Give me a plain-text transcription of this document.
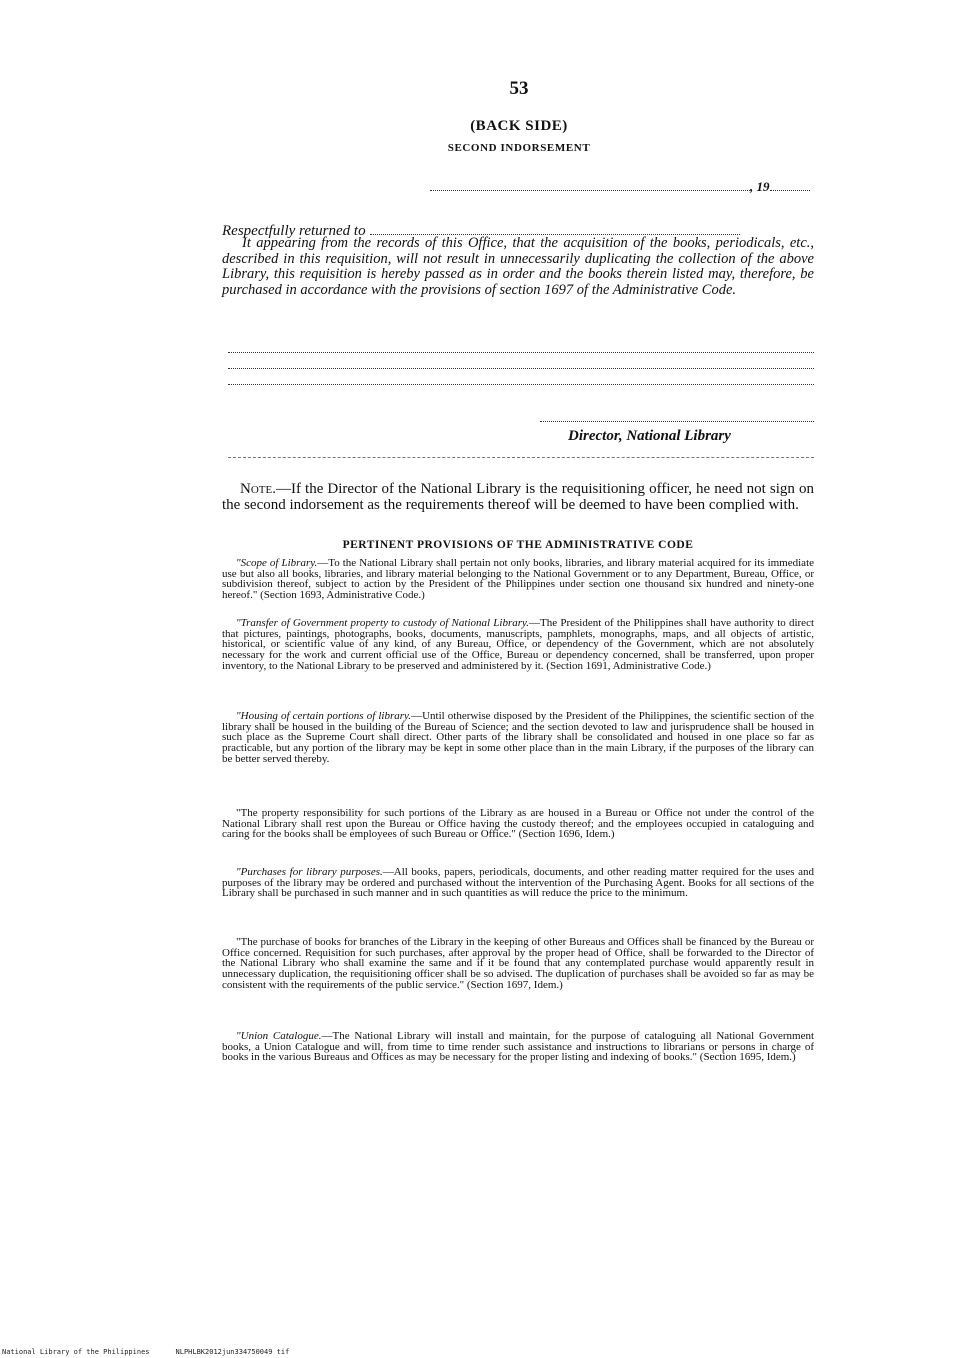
53
(BACK SIDE)
SECOND INDORSEMENT
, 19
Respectfully returned to
It appearing from the records of this Office, that the acquisition of the books, periodicals, etc., described in this requisition, will not result in unnecessarily duplicating the collection of the above Library, this requisition is hereby passed as in order and the books therein listed may, therefore, be purchased in accordance with the provisions of section 1697 of the Administrative Code.
Director, National Library
Note.—If the Director of the National Library is the requisitioning officer, he need not sign on the second indorsement as the requirements thereof will be deemed to have been complied with.
PERTINENT PROVISIONS OF THE ADMINISTRATIVE CODE
"Scope of Library.—To the National Library shall pertain not only books, libraries, and library material acquired for its immediate use but also all books, libraries, and library material belonging to the National Government or to any Department, Bureau, Office, or subdivision thereof, subject to action by the President of the Philippines under section one thousand six hundred and ninety-one hereof." (Section 1693, Administrative Code.)
"Transfer of Government property to custody of National Library.—The President of the Philippines shall have authority to direct that pictures, paintings, photographs, books, documents, manuscripts, pamphlets, monographs, maps, and all objects of artistic, historical, or scientific value of any kind, of any Bureau, Office, or dependency of the Government, which are not absolutely necessary for the work and current official use of the Office, Bureau or dependency concerned, shall be transferred, upon proper inventory, to the National Library to be preserved and administered by it. (Section 1691, Administrative Code.)
"Housing of certain portions of library.—Until otherwise disposed by the President of the Philippines, the scientific section of the library shall be housed in the building of the Bureau of Science; and the section devoted to law and jurisprudence shall be housed in such place as the Supreme Court shall direct. Other parts of the library shall be consolidated and housed in one place so far as practicable, but any portion of the library may be kept in some other place than in the main Library, if the purposes of the library can be better served thereby.
"The property responsibility for such portions of the Library as are housed in a Bureau or Office not under the control of the National Library shall rest upon the Bureau or Office having the custody thereof; and the employees occupied in cataloguing and caring for the books shall be employees of such Bureau or Office." (Section 1696, Idem.)
"Purchases for library purposes.—All books, papers, periodicals, documents, and other reading matter required for the uses and purposes of the library may be ordered and purchased without the intervention of the Purchasing Agent. Books for all sections of the Library shall be purchased in such manner and in such quantities as will reduce the price to the minimum.
"The purchase of books for branches of the Library in the keeping of other Bureaus and Offices shall be financed by the Bureau or Office concerned. Requisition for such purchases, after approval by the proper head of Office, shall be forwarded to the Director of the National Library who shall examine the same and if it be found that any contemplated purchase would apparently result in unnecessary duplication, the requisitioning officer shall be so advised. The duplication of purchases shall be avoided so far as may be consistent with the requirements of the public service." (Section 1697, Idem.)
"Union Catalogue.—The National Library will install and maintain, for the purpose of cataloguing all National Government books, a Union Catalogue and will, from time to time render such assistance and instructions to librarians or persons in charge of books in the various Bureaus and Offices as may be necessary for the proper listing and indexing of books." (Section 1695, Idem.)
National Library of the Philippines	NLPHLBK2012jun334750049 tif
